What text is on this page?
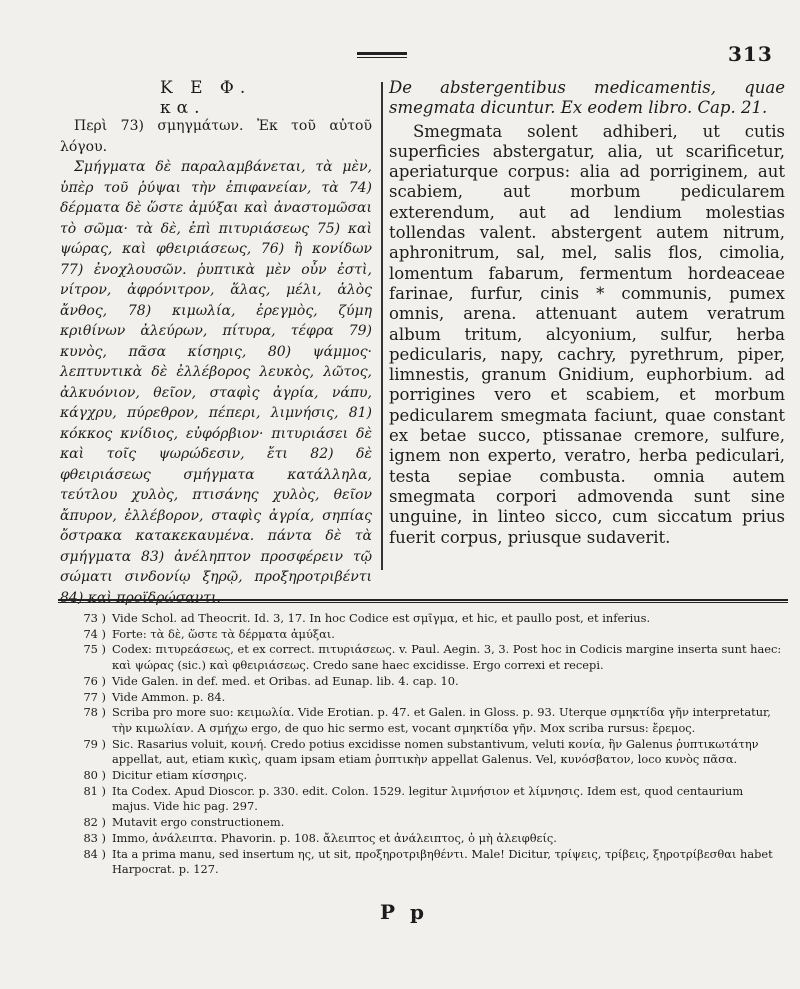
313
Κ Ε Φ. κα.

Περὶ 73) σμηγμάτων. Ἐκ τοῦ αὐτοῦ λόγου.

Σμήγματα δὲ παραλαμβάνεται, τὰ μὲν, ὑπὲρ τοῦ ῥύψαι τὴν ἐπιφανείαν, τὰ 74) δέρματα δὲ ὥστε ἀμύξαι καὶ ἀναστομῶσαι τὸ σῶμα· τὰ δὲ, ἐπὶ πιτυριάσεως 75) καὶ ψώρας, καὶ φθειριάσεως, 76) ἢ κονίδων 77) ἐνοχλουσῶν. ῥυπτικὰ μὲν οὖν ἐστὶ, νίτρον, ἀφρόνιτρον, ἅλας, μέλι, ἁλὸς ἄνθος, 78) κιμωλία, ἐρεγμὸς, ζύμη κριθίνων ἀλεύρων, πίτυρα, τέφρα 79) κυνὸς, πᾶσα κίσηρις, 80) ψάμμος· λεπτυντικὰ δὲ ἐλλέβορος λευκὸς, λῶτος, ἀλκυόνιον, θεῖον, σταφὶς ἀγρία, νάπυ, κάγχρυ, πύρεθρον, πέπερι, λιμνήσις, 81) κόκκος κνίδιος, εὐφόρβιον· πιτυριάσει δὲ καὶ τοῖς ψωρώδεσιν, ἔτι 82) δὲ φθειριάσεως σμήγματα κατάλληλα, τεύτλου χυλὸς, πτισάνης χυλὸς, θεῖον ἄπυρον, ἐλλέβορον, σταφὶς ἀγρία, σηπίας ὄστρακα κατακεκαυμένα. πάντα δὲ τὰ σμήγματα 83) ἀνέληπτον προσφέρειν τῷ σώματι σινδονίῳ ξηρῷ, προξηροτριβέντι 84) καὶ προϊδρώσαντι.

De abstergentibus medicamentis, quae smegmata dicuntur. Ex eodem libro. Cap. 21.

Smegmata solent adhiberi, ut cutis superficies abstergatur, alia, ut scarificetur, aperiaturque corpus: alia ad porriginem, aut scabiem, aut morbum pedicularem exterendum, aut ad lendium molestias tollendas valent. abstergent autem nitrum, aphronitrum, sal, mel, salis flos, cimolia, lomentum fabarum, fermentum hordeaceae farinae, furfur, cinis * communis, pumex omnis, arena. attenuant autem veratrum album tritum, alcyonium, sulfur, herba pedicularis, napy, cachry, pyrethrum, piper, limnestis, granum Gnidium, euphorbium. ad porrigines vero et scabiem, et morbum pedicularem smegmata faciunt, quae constant ex betae succo, ptissanae cremore, sulfure, ignem non experto, veratro, herba pediculari, testa sepiae combusta. omnia autem smegmata corpori admovenda sunt sine unguine, in linteo sicco, cum siccatum prius fuerit corpus, priusque sudaverit.

73 ) Vide Schol. ad Theocrit. Id. 3, 17. In hoc Codice est σμῖγμα, et hic, et paullo post, et inferius.
74 ) Forte: τὰ δὲ, ὥστε τὰ δέρματα ἀμύξαι.
75 ) Codex: πιτυρεάσεως, et ex correct. πιτυριάσεως. v. Paul. Aegin. 3, 3. Post hoc in Codicis margine inserta sunt haec: καὶ ψώρας (sic.) καὶ φθειριάσεως. Credo sane haec excidisse. Ergo correxi et recepi.
76 ) Vide Galen. in def. med. et Oribas. ad Eunap. lib. 4. cap. 10.
77 ) Vide Ammon. p. 84.
78 ) Scriba pro more suo: κειμωλία. Vide Erotian. p. 47. et Galen. in Gloss. p. 93. Uterque σμηκτίδα γῆν interpretatur, τὴν κιμωλίαν. A σμήχω ergo, de quo hic sermo est, vocant σμηκτίδα γῆν. Mox scriba rursus: ἔρεμος.
79 ) Sic. Rasarius voluit, κοινή. Credo potius excidisse nomen substantivum, veluti κονία, ἣν Galenus ῥυπτικωτάτην appellat, aut, etiam κικὶς, quam ipsam etiam ῥυπτικὴν appellat Galenus. Vel, κυνόσβατον, loco κυνὸς πᾶσα.
80 ) Dicitur etiam κίσσηρις.
81 ) Ita Codex. Apud Dioscor. p. 330. edit. Colon. 1529. legitur λιμνήσιον et λίμνησις. Idem est, quod centaurium majus. Vide hic pag. 297.
82 ) Mutavit ergo constructionem.
83 ) Immo, ἀνάλειπτα. Phavorin. p. 108. ἄλειπτος et ἀνάλειπτος, ὁ μὴ ἀλειφθείς.
84 ) Ita a prima manu, sed insertum ης, ut sit, προξηροτριβηθέντι. Male! Dicitur, τρίψεις, τρίβεις, ξηροτρίβεσθαι habet Harpocrat. p. 127.
P p
